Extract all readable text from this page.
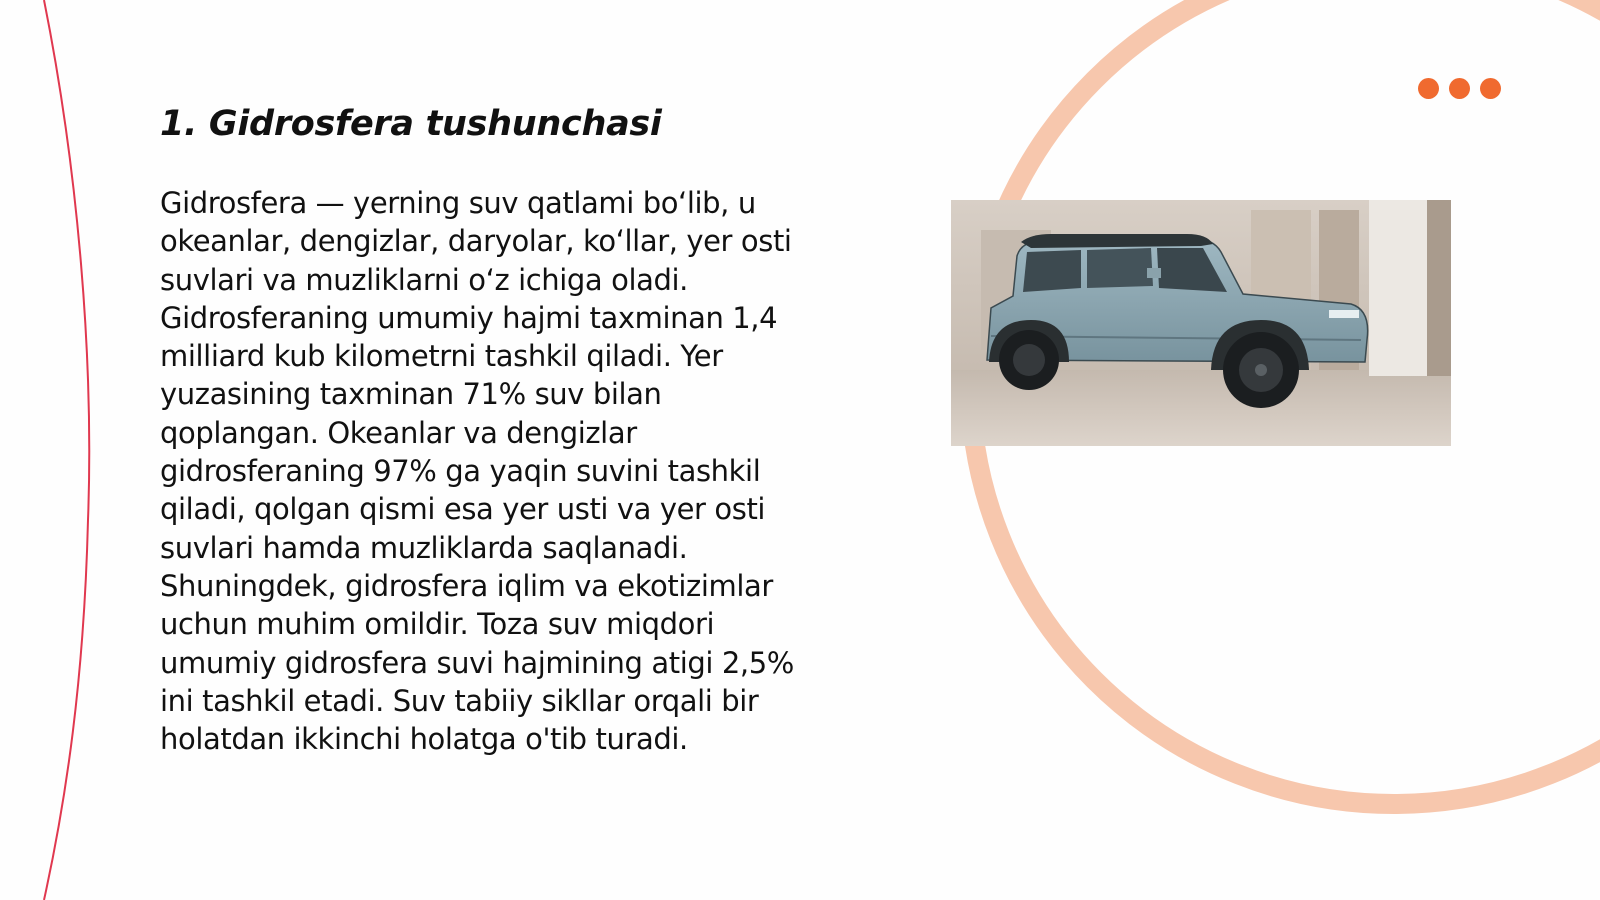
1. Gidrosfera tushunchasi

Gidrosfera — yerning suv qatlami bo‘lib, u
okeanlar, dengizlar, daryolar, ko‘llar, yer osti
suvlari va muzliklarni o‘z ichiga oladi.
Gidrosferaning umumiy hajmi taxminan 1,4
milliard kub kilometrni tashkil qiladi. Yer
yuzasining taxminan 71% suv bilan
qoplangan. Okeanlar va dengizlar
gidrosferaning 97% ga yaqin suvini tashkil
qiladi, qolgan qismi esa yer usti va yer osti
suvlari hamda muzliklarda saqlanadi.
Shuningdek, gidrosfera iqlim va ekotizimlar
uchun muhim omildir. Toza suv miqdori
umumiy gidrosfera suvi hajmining atigi 2,5%
ini tashkil etadi. Suv tabiiy sikllar orqali bir
holatdan ikkinchi holatga o'tib turadi.
